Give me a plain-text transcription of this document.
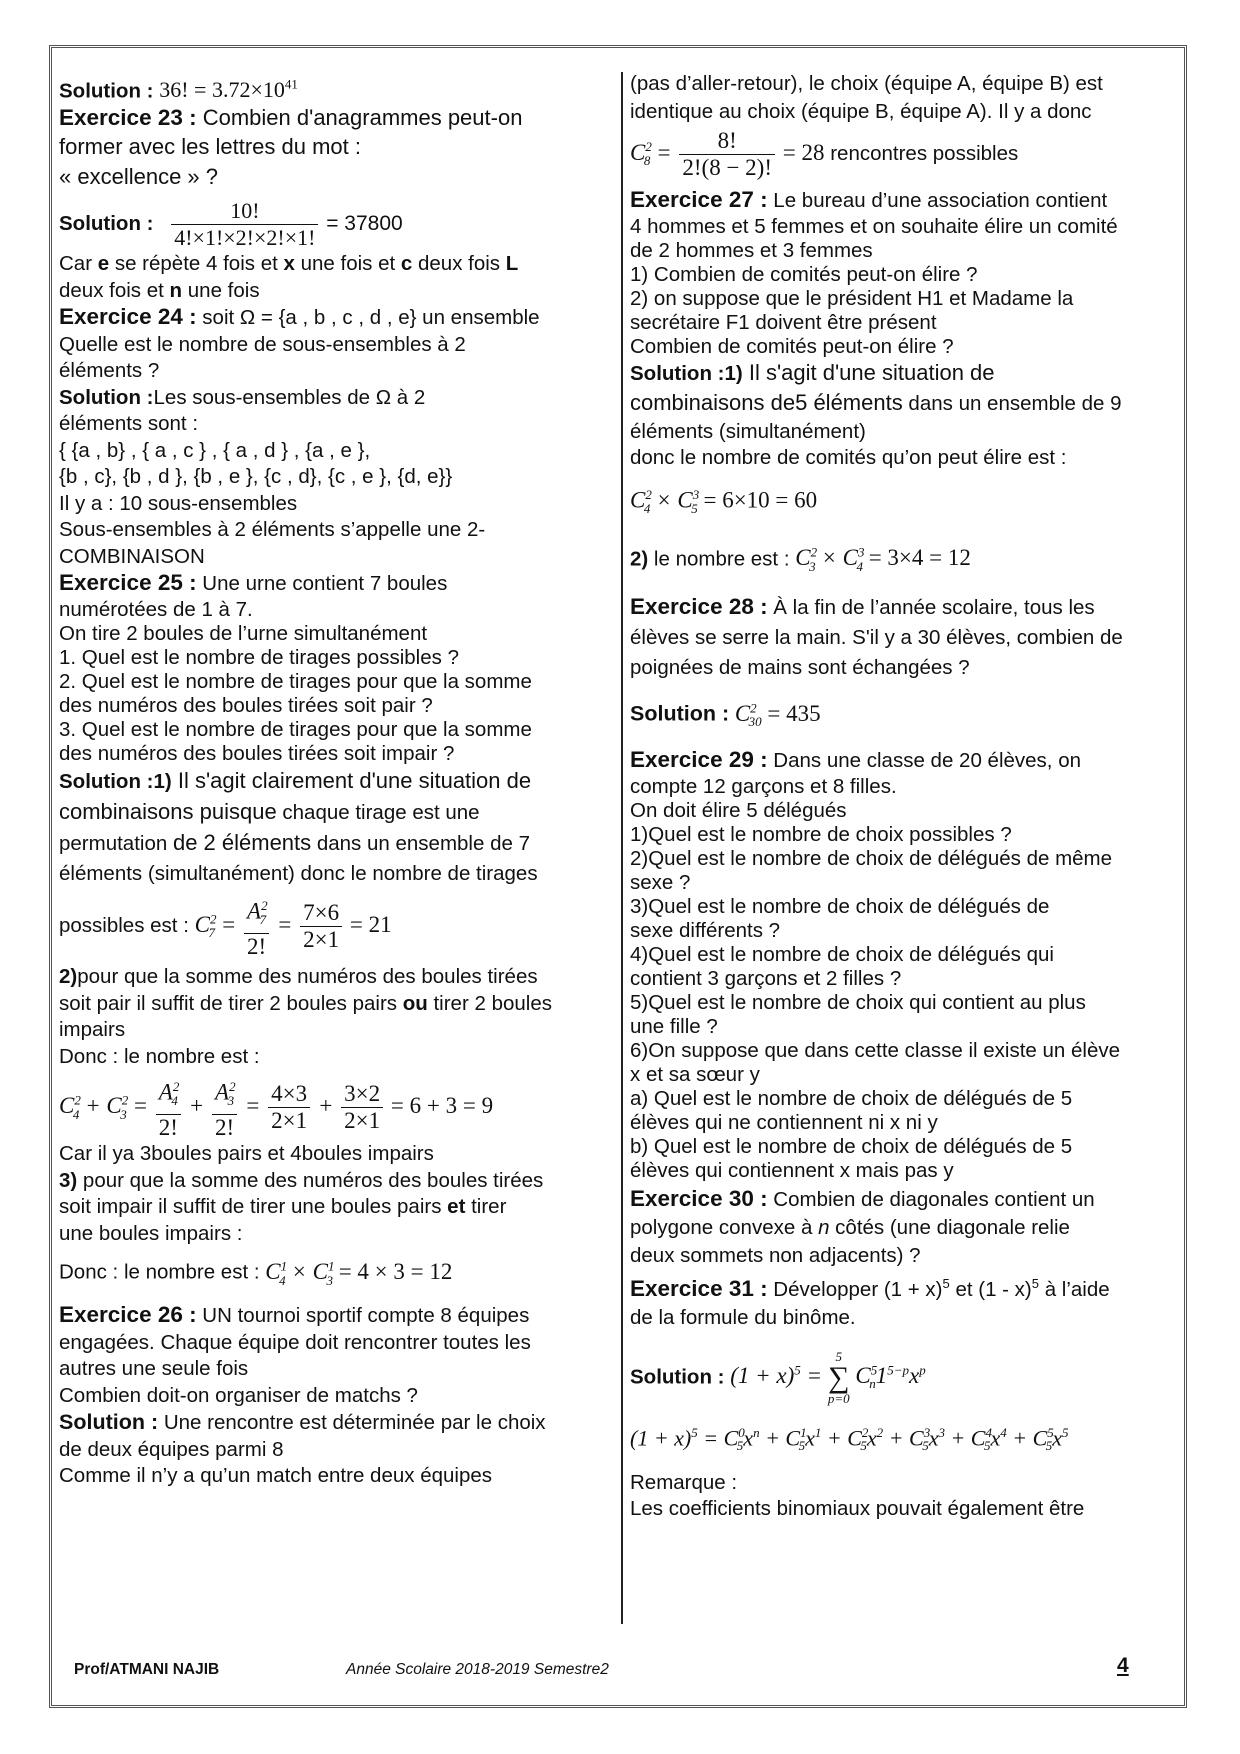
Solution : 36! = $3.72\times 10^{41}$

Exercice 23 : Combien d'anagrammes peut-on

former avec les lettres du mot :

« excellence » ?

Solution : $\frac{10!}{4!\times 1!\times 2!\times 2!\times 1!} = 37800$

Car e se répète 4 fois et x une fois et c deux fois L

deux fois et n une fois

Exercice 24 : soit Ω = {a , b , c , d , e} un ensemble

Quelle est le nombre de sous-ensembles à 2

éléments ?

Solution :Les sous-ensembles de Ω à 2

éléments sont :

{ {a , b} , { a , c } , { a , d } , {a , e },

{b , c}, {b , d }, {b , e }, {c , d}, {c , e }, {d, e}}

Il y a : 10 sous-ensembles

Sous-ensembles à 2 éléments s’appelle une 2-

COMBINAISON

Exercice 25 : Une urne contient 7 boules

numérotées de 1 à 7.

On tire 2 boules de l’urne simultanément

1. Quel est le nombre de tirages possibles ?

2. Quel est le nombre de tirages pour que la somme

des numéros des boules tirées soit pair ?

3. Quel est le nombre de tirages pour que la somme

des numéros des boules tirées soit impair ?

Solution :1) Il s'agit clairement d'une situation de

combinaisons puisque chaque tirage est une

permutation de 2 éléments dans un ensemble de 7

éléments (simultanément) donc le nombre de tirages

possibles est : $C^2_7 = \frac{A^2_7}{2!} = \frac{7\times 6}{2\times 1} = 21$

2)pour que la somme des numéros des boules tirées

soit pair il suffit de tirer 2 boules pairs ou tirer 2 boules

impairs

Donc : le nombre est :

$C^2_4 + C^2_3 = \frac{A^2_4}{2!} + \frac{A^2_3}{2!} = \frac{4\times 3}{2\times 1} + \frac{3\times 2}{2\times 1} = 6 + 3 = 9$

Car il ya 3boules pairs et 4boules impairs

3) pour que la somme des numéros des boules tirées

soit impair il suffit de tirer une boules pairs et tirer

une boules impairs :

Donc : le nombre est : $C^1_4 \times C^1_3 = 4 \times 3 = 12$

Exercice 26 : UN tournoi sportif compte 8 équipes

engagées. Chaque équipe doit rencontrer toutes les

autres une seule fois

Combien doit-on organiser de matchs ?

Solution : Une rencontre est déterminée par le choix

de deux équipes parmi 8

Comme il n’y a qu’un match entre deux équipes

(pas d’aller-retour), le choix (équipe A, équipe B) est

identique au choix (équipe B, équipe A). Il y a donc

$C^2_8 = \frac{8!}{2!(8 - 2)!} = 28$ rencontres possibles

Exercice 27 : Le bureau d’une association contient

4 hommes et 5 femmes et on souhaite élire un comité

de 2 hommes et 3 femmes

1) Combien de comités peut-on élire ?

2) on suppose que le président H1 et Madame la

secrétaire F1 doivent être présent

Combien de comités peut-on élire ?

Solution :1) Il s'agit d'une situation de

combinaisons de5 éléments dans un ensemble de 9

éléments (simultanément)

donc le nombre de comités qu’on peut élire est :

$C^2_4 \times C^3_5 = 6\times 10 = 60$

2) le nombre est : $C^2_3 \times C^3_4 = 3\times 4 = 12$

Exercice 28 : À la fin de l’année scolaire, tous les

élèves se serre la main. S'il y a 30 élèves, combien de

poignées de mains sont échangées ?

Solution : $C^2_{30} = 435$

Exercice 29 : Dans une classe de 20 élèves, on

compte 12 garçons et 8 filles.

On doit élire 5 délégués

1)Quel est le nombre de choix possibles ?

2)Quel est le nombre de choix de délégués de même

sexe ?

3)Quel est le nombre de choix de délégués de

sexe différents ?

4)Quel est le nombre de choix de délégués qui

contient 3 garçons et 2 filles ?

5)Quel est le nombre de choix qui contient au plus

une fille ?

6)On suppose que dans cette classe il existe un élève

x et sa sœur y

a) Quel est le nombre de choix de délégués de 5

élèves qui ne contiennent ni x ni y

b) Quel est le nombre de choix de délégués de 5

élèves qui contiennent x mais pas y

Exercice 30 : Combien de diagonales contient un

polygone convexe à n côtés (une diagonale relie

deux sommets non adjacents) ?

Exercice 31 : Développer $(1 + x)^5$ et (1 - x)$^5$ à l’aide

de la formule du binôme.

Solution : $(1 + x)^5$ =
5
∑
p=0
$C^5_n1^{5-p}x^p$

$(1 + x)^5 = C^0_5x^n + C^1_5x^1 + C^2_5x^2 + C^3_5x^3 + C^4_5x^4 + C^5_5x^5$

Remarque :

Les coefficients binomiaux pouvait également être

Prof/ATMANI NAJIB	Année Scolaire 2018-2019 Semestre2	4
